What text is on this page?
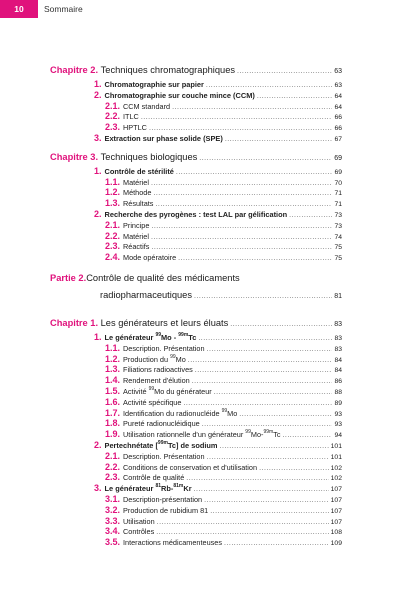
10	Sommaire
Chapitre 2. Techniques chromatographiques .....	63
1. Chromatographie sur papier .....	63
2. Chromatographie sur couche mince (CCM) .....	64
2.1. CCM standard .....	64
2.2. ITLC .....	66
2.3. HPTLC .....	66
3. Extraction sur phase solide (SPE) .....	67
Chapitre 3. Techniques biologiques .....	69
1. Contrôle de stérilité .....	69
1.1. Matériel .....	70
1.2. Méthode .....	71
1.3. Résultats .....	71
2. Recherche des pyrogènes : test LAL par gélification .....	73
2.1. Principe .....	73
2.2. Matériel .....	74
2.3. Réactifs .....	75
2.4. Mode opératoire .....	75
Partie 2. Contrôle de qualité des médicaments
radiopharmaceutiques .....	81
Chapitre 1. Les générateurs et leurs éluats .....	83
1. Le générateur $^{99}$Mo - $^{99m}$Tc .....	83
1.1. Description. Présentation .....	83
1.2. Production du $^{99}$Mo .....	84
1.3. Filiations radioactives .....	84
1.4. Rendement d'élution .....	86
1.5. Activité $^{99}$Mo du générateur .....	88
1.6. Activité spécifique .....	89
1.7. Identification du radionucléide $^{99}$Mo .....	93
1.8. Pureté radionucléidique .....	93
1.9. Utilisation rationnelle d'un générateur $^{99}$Mo-$^{99m}$Tc .....	94
2. Pertechnétate [$^{99m}$Tc] de sodium .....	101
2.1. Description. Présentation .....	101
2.2. Conditions de conservation et d'utilisation .....	102
2.3. Contrôle de qualité .....	102
3. Le générateur $^{81}$Rb-$^{81m}$Kr .....	107
3.1. Description-présentation .....	107
3.2. Production de rubidium 81 .....	107
3.3. Utilisation .....	107
3.4. Contrôles .....	108
3.5. Interactions médicamenteuses .....	109
